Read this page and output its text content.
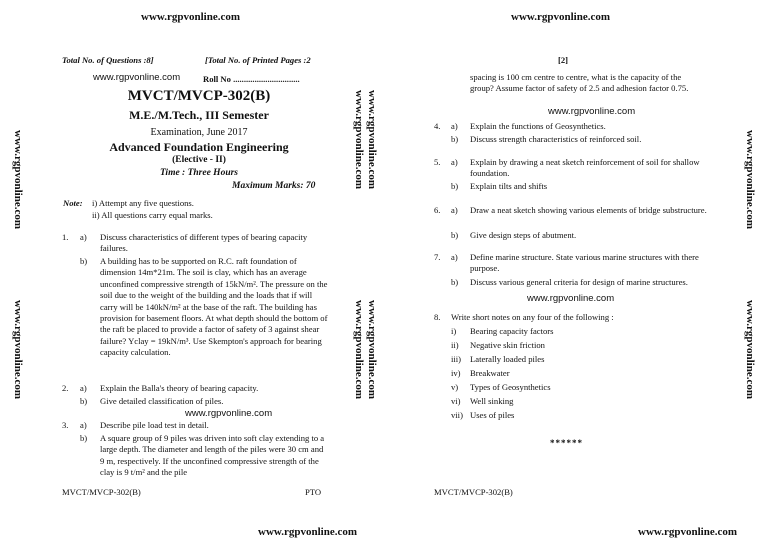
www.rgpvonline.com	www.rgpvonline.com
www.rgpvonline.com	www.rgpvonline.com
www.rgpvonline.com
www.rgpvonline.com
www.rgpvonline.com www.rgpvonline.com
www.rgpvonline.com www.rgpvonline.com
www.rgpvonline.com
www.rgpvonline.com
Total No. of Questions :8]	[Total No. of Printed Pages :2
www.rgpvonline.com	Roll No ...............................
MVCT/MVCP-302(B)
M.E./M.Tech., III Semester
Examination, June 2017
Advanced Foundation Engineering
(Elective - II)
Time : Three Hours
Maximum Marks: 70
Note: i) Attempt any five questions.
ii) All questions carry equal marks.
1. a) Discuss characteristics of different types of bearing capacity failures.
b) A building has to be supported on R.C. raft foundation of dimension 14m*21m. The soil is clay, which has an average unconfined compressive strength of 15kN/m². The pressure on the soil due to the weight of the building and the loads that if will carry will be 140kN/m² at the base of the raft. The building has provision for basement floors. At what depth should the bottom of the raft be placed to provide a factor of safety of 3 against shear failure? Yclay = 19kN/m³. Use Skempton's approach for bearing capacity calculation.
2. a) Explain the Balla's theory of bearing capacity.
b) Give detailed classification of piles.
www.rgpvonline.com
3. a) Describe pile load test in detail.
b) A square group of 9 piles was driven into soft clay extending to a large depth. The diameter and length of the piles were 30 cm and 9 m, respectively. If the unconfined compressive strength of the clay is 9 t/m² and the pile
MVCT/MVCP-302(B)	PTO
[2]
spacing is 100 cm centre to centre, what is the capacity of the group? Assume factor of safety of 2.5 and adhesion factor 0.75.
www.rgpvonline.com
4. a) Explain the functions of Geosynthetics.
b) Discuss strength characteristics of reinforced soil.
5. a) Explain by drawing a neat sketch reinforcement of soil for shallow foundation.
b) Explain tilts and shifts
6. a) Draw a neat sketch showing various elements of bridge substructure.
b) Give design steps of abutment.
7. a) Define marine structure. State various marine structures with there purpose.
b) Discuss various general criteria for design of marine structures.
www.rgpvonline.com
8. Write short notes on any four of the following :
i) Bearing capacity factors
ii) Negative skin friction
iii) Laterally loaded piles
iv) Breakwater
v) Types of Geosynthetics
vi) Well sinking
vii) Uses of piles
******
MVCT/MVCP-302(B)
